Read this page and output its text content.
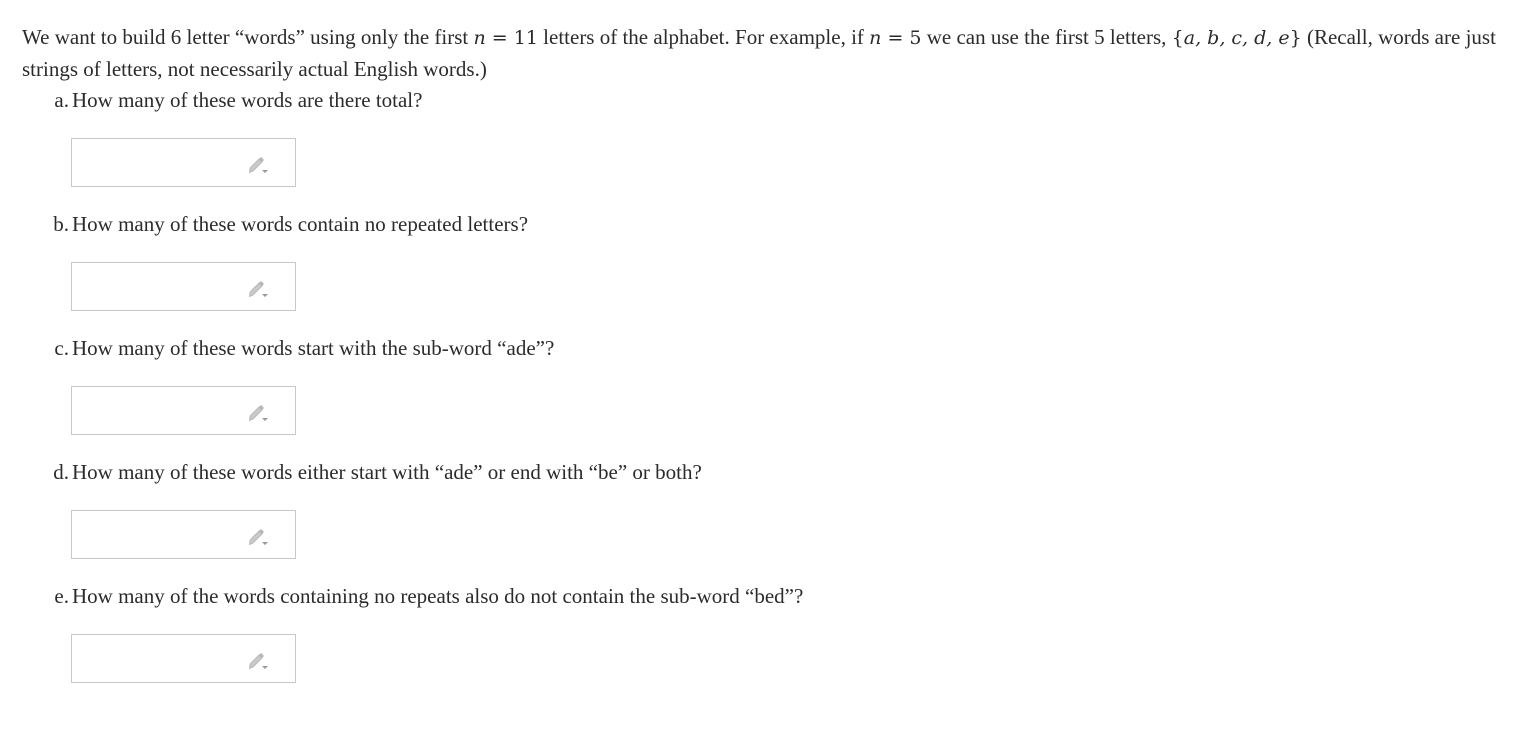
We want to build 6 letter “words” using only the first n = 11 letters of the alphabet. For example, if n = 5 we can use the first 5 letters, {a, b, c, d, e} (Recall, words are just strings of letters, not necessarily actual English words.)

a. How many of these words are there total?
b. How many of these words contain no repeated letters?
c. How many of these words start with the sub-word “ade”?
d. How many of these words either start with “ade” or end with “be” or both?
e. How many of the words containing no repeats also do not contain the sub-word “bed”?
